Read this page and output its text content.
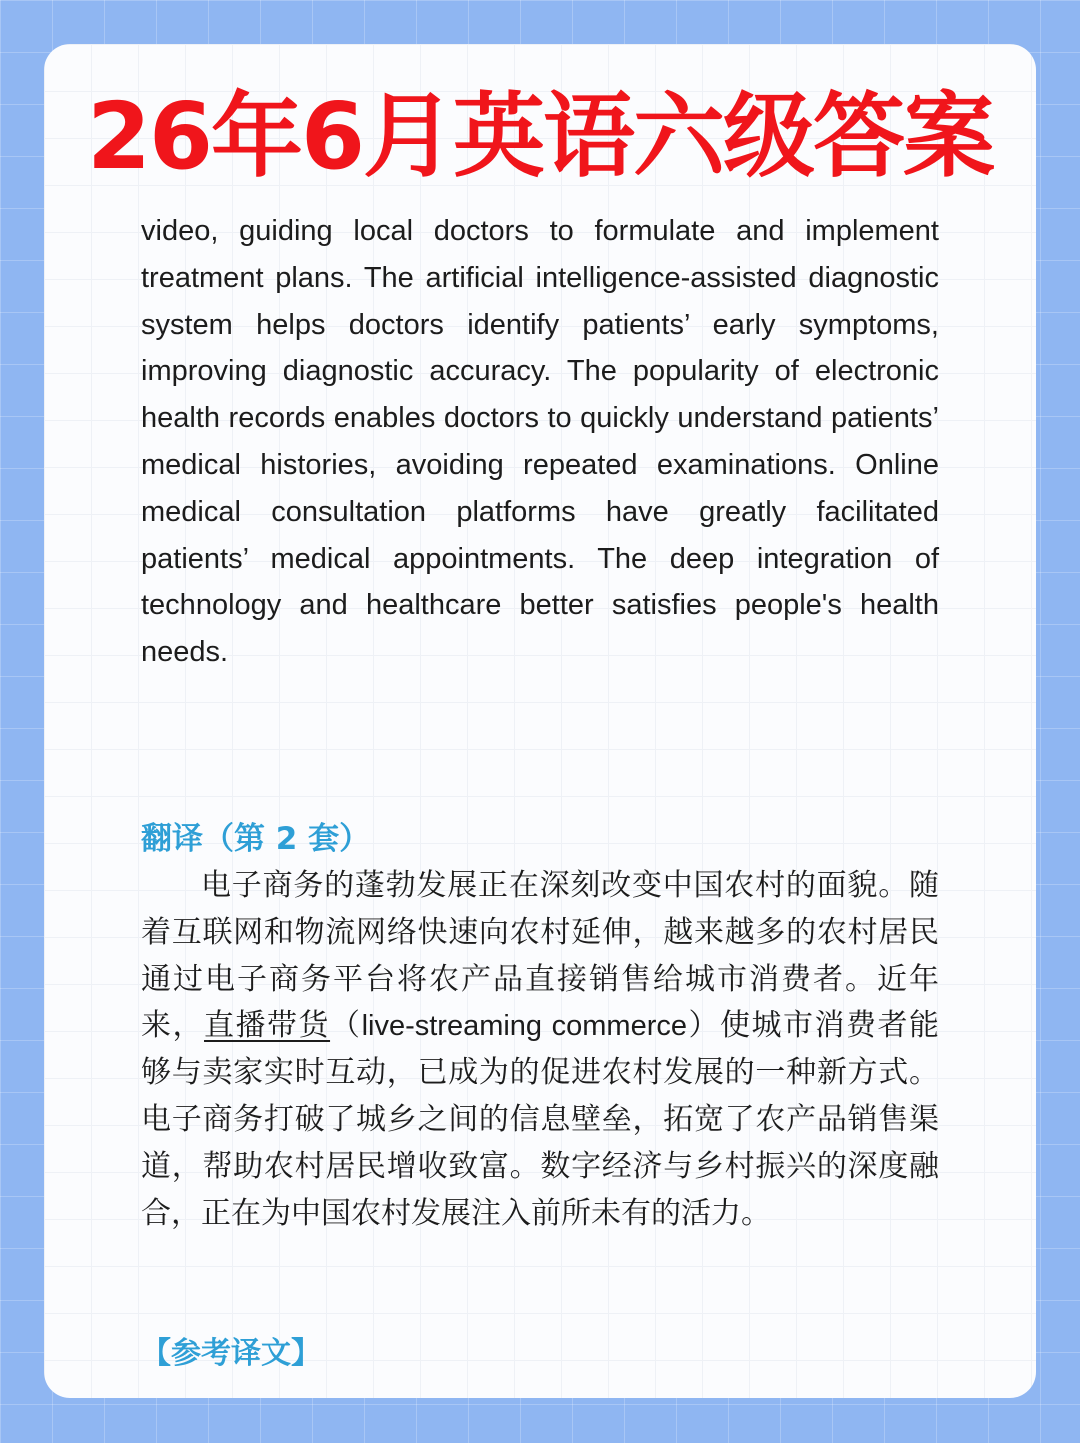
26年6月英语六级答案

video, guiding local doctors to formulate and implement treatment plans. The artificial intelligence-assisted diagnostic system helps doctors identify patients’ early symptoms, improving diagnostic accuracy. The popularity of electronic health records enables doctors to quickly understand patients’ medical histories, avoiding repeated examinations. Online medical consultation platforms have greatly facilitated patients’ medical appointments. The deep integration of technology and healthcare better satisfies people's health needs.

翻译（第 2 套）

电子商务的蓬勃发展正在深刻改变中国农村的面貌。随着互联网和物流网络快速向农村延伸，越来越多的农村居民通过电子商务平台将农产品直接销售给城市消费者。近年来，直播带货（live-streaming commerce）使城市消费者能够与卖家实时互动，已成为的促进农村发展的一种新方式。电子商务打破了城乡之间的信息壁垒，拓宽了农产品销售渠道，帮助农村居民增收致富。数字经济与乡村振兴的深度融合，正在为中国农村发展注入前所未有的活力。

【参考译文】
